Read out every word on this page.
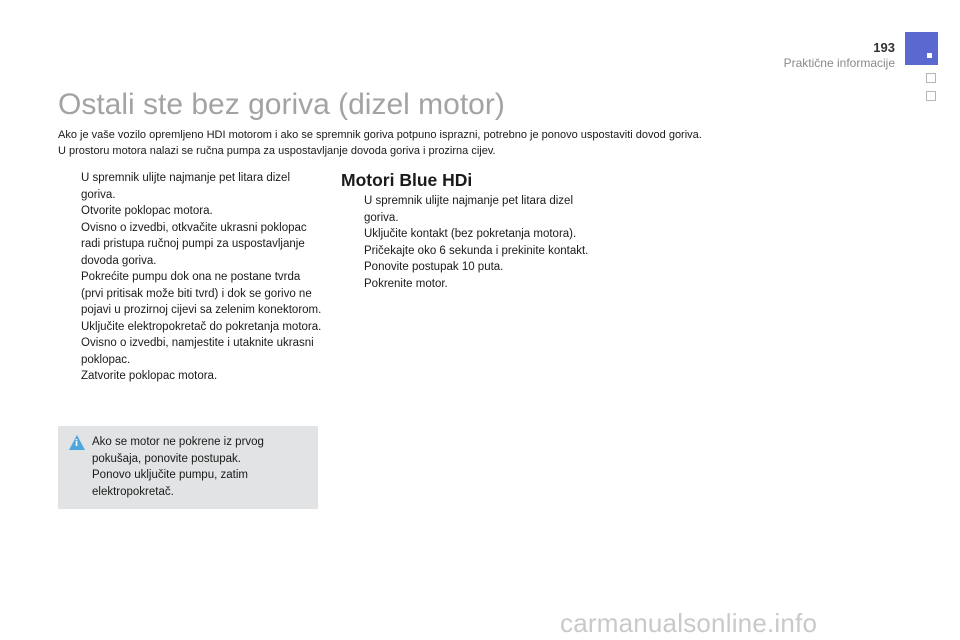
193
Praktične informacije
Ostali ste bez goriva (dizel motor)

Ako je vaše vozilo opremljeno HDI motorom i ako se spremnik goriva potpuno isprazni, potrebno je ponovo uspostaviti dovod goriva.

U prostoru motora nalazi se ručna pumpa za uspostavljanje dovoda goriva i prozirna cijev.

U spremnik ulijte najmanje pet litara dizel goriva.
Otvorite poklopac motora.
Ovisno o izvedbi, otkvačite ukrasni poklopac radi pristupa ručnoj pumpi za uspostavljanje dovoda goriva.
Pokrećite pumpu dok ona ne postane tvrda (prvi pritisak može biti tvrd) i dok se gorivo ne pojavi u prozirnoj cijevi sa zelenim konektorom.
Uključite elektropokretač do pokretanja motora.
Ovisno o izvedbi, namjestite i utaknite ukrasni poklopac.
Zatvorite poklopac motora.
i Ako se motor ne pokrene iz prvog pokušaja, ponovite postupak.
Ponovo uključite pumpu, zatim elektropokretač.
Motori Blue HDi
U spremnik ulijte najmanje pet litara dizel goriva.
Uključite kontakt (bez pokretanja motora).
Pričekajte oko 6 sekunda i prekinite kontakt.
Ponovite postupak 10 puta.
Pokrenite motor.
carmanualsonline.info
